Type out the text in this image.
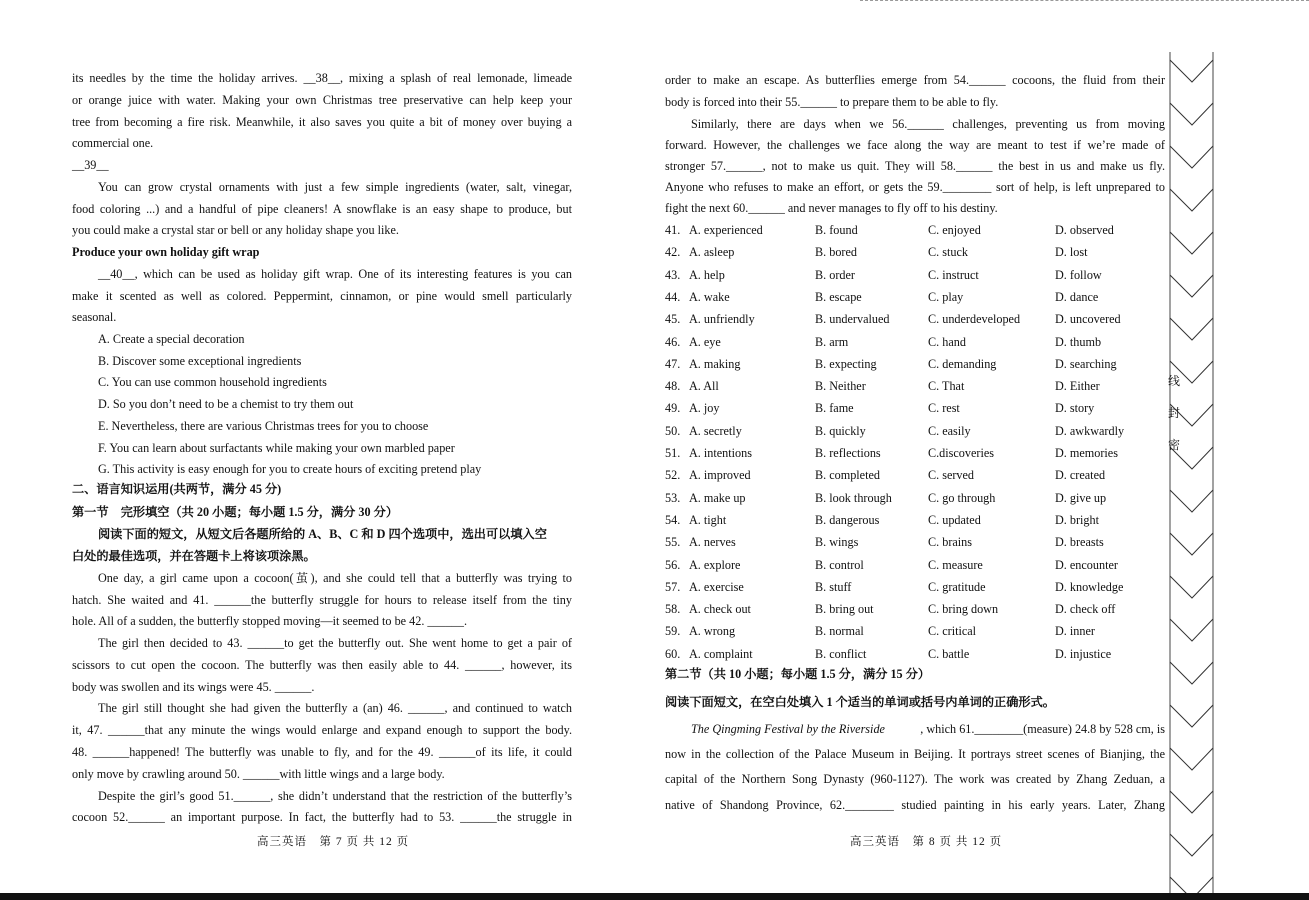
its needles by the time the holiday arrives. __38__, mixing a splash of real lemonade, limeade
or orange juice with water. Making your own Christmas tree preservative can help keep your
tree from becoming a fire risk. Meanwhile, it also saves you quite a bit of money over buying a
commercial one.
__39__
You can grow crystal ornaments with just a few simple ingredients (water, salt, vinegar,
food coloring ...) and a handful of pipe cleaners! A snowflake is an easy shape to produce, but
you could make a crystal star or bell or any holiday shape you like.
Produce your own holiday gift wrap
__40__, which can be used as holiday gift wrap. One of its interesting features is you can
make it scented as well as colored. Peppermint, cinnamon, or pine would smell particularly
seasonal.
A. Create a special decoration
B. Discover some exceptional ingredients
C. You can use common household ingredients
D. So you don’t need to be a chemist to try them out
E. Nevertheless, there are various Christmas trees for you to choose
F. You can learn about surfactants while making your own marbled paper
G. This activity is easy enough for you to create hours of exciting pretend play
二、语言知识运用(共两节，满分 45 分)
第一节　完形填空（共 20 小题；每小题 1.5 分，满分 30 分）
阅读下面的短文，从短文后各题所给的 A、B、C 和 D 四个选项中，选出可以填入空
白处的最佳选项，并在答题卡上将该项涂黑。
One day, a girl came upon a cocoon(茧), and she could tell that a butterfly was trying to
hatch. She waited and 41. ______the butterfly struggle for hours to release itself from the tiny
hole. All of a sudden, the butterfly stopped moving—it seemed to be 42. ______.
The girl then decided to 43. ______to get the butterfly out. She went home to get a pair of
scissors to cut open the cocoon. The butterfly was then easily able to 44. ______, however, its
body was swollen and its wings were 45. ______.
The girl still thought she had given the butterfly a (an) 46. ______, and continued to watch
it, 47. ______that any minute the wings would enlarge and expand enough to support the body.
48. ______happened! The butterfly was unable to fly, and for the 49. ______of its life, it could
only move by crawling around 50. ______with little wings and a large body.
Despite the girl’s good 51.______, she didn’t understand that the restriction of the butterfly’s
cocoon 52.______ an important purpose. In fact, the butterfly had to 53. ______the struggle in
高三英语　第 7 页 共 12 页
order to make an escape. As butterflies emerge from 54.______ cocoons, the fluid from their
body is forced into their 55.______ to prepare them to be able to fly.
Similarly, there are days when we 56.______ challenges, preventing us from moving
forward. However, the challenges we face along the way are meant to test if we’re made of
stronger 57.______, not to make us quit. They will 58.______ the best in us and make us fly.
Anyone who refuses to make an effort, or gets the 59.________ sort of help, is left unprepared to
fight the next 60.______ and never manages to fly off to his destiny.
41. A. experienced	B. found	C. enjoyed	D. observed
42. A. asleep	B. bored	C. stuck	D. lost
43. A. help	B. order	C. instruct	D. follow
44. A. wake	B. escape	C. play	D. dance
45. A. unfriendly	B. undervalued	C. underdeveloped	D. uncovered
46. A. eye	B. arm	C. hand	D. thumb
47. A. making	B. expecting	C. demanding	D. searching
48. A. All	B. Neither	C. That	D. Either
49. A. joy	B. fame	C. rest	D. story
50. A. secretly	B. quickly	C. easily	D. awkwardly
51. A. intentions	B. reflections	C.discoveries	D. memories
52. A. improved	B. completed	C. served	D. created
53. A. make up	B. look through	C. go through	D. give up
54. A. tight	B. dangerous	C. updated	D. bright
55. A. nerves	B. wings	C. brains	D. breasts
56. A. explore	B. control	C. measure	D. encounter
57. A. exercise	B. stuff	C. gratitude	D. knowledge
58. A. check out	B. bring out	C. bring down	D. check off
59. A. wrong	B. normal	C. critical	D. inner
60. A. complaint	B. conflict	C. battle	D. injustice
第二节（共 10 小题；每小题 1.5 分，满分 15 分）
阅读下面短文，在空白处填入 1 个适当的单词或括号内单词的正确形式。
The Qingming Festival by the Riverside	, which 61.________(measure) 24.8 by 528 cm, is
now in the collection of the Palace Museum in Beijing. It portrays street scenes of Bianjing, the
capital of the Northern Song Dynasty (960-1127). The work was created by Zhang Zeduan, a
native of Shandong Province, 62.________ studied painting in his early years. Later, Zhang
高三英语　第 8 页 共 12 页
线
封
密
